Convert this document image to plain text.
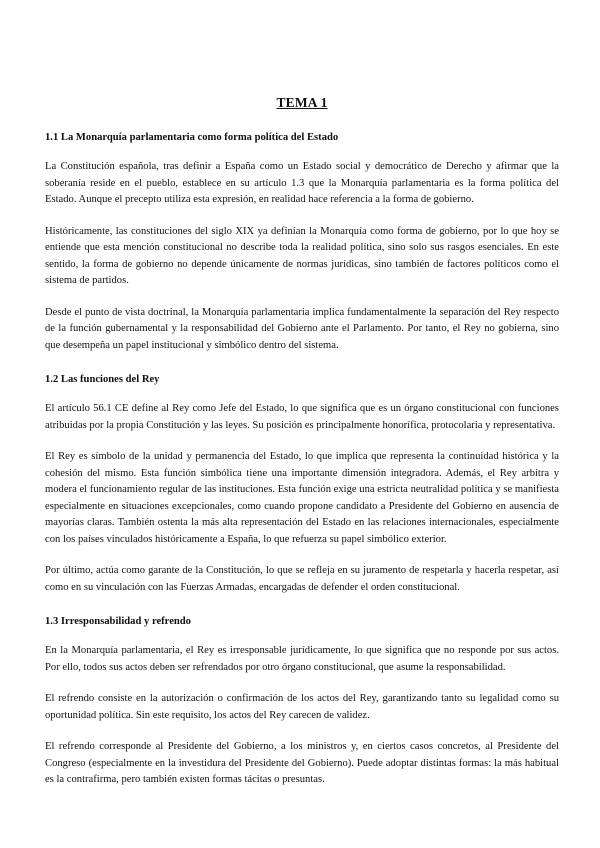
TEMA 1
1.1 La Monarquía parlamentaria como forma política del Estado

La Constitución española, tras definir a España como un Estado social y democrático de Derecho y afirmar que la soberanía reside en el pueblo, establece en su artículo 1.3 que la Monarquía parlamentaria es la forma política del Estado. Aunque el precepto utiliza esta expresión, en realidad hace referencia a la forma de gobierno.

Históricamente, las constituciones del siglo XIX ya definían la Monarquía como forma de gobierno, por lo que hoy se entiende que esta mención constitucional no describe toda la realidad política, sino solo sus rasgos esenciales. En este sentido, la forma de gobierno no depende únicamente de normas jurídicas, sino también de factores políticos como el sistema de partidos.

Desde el punto de vista doctrinal, la Monarquía parlamentaria implica fundamentalmente la separación del Rey respecto de la función gubernamental y la responsabilidad del Gobierno ante el Parlamento. Por tanto, el Rey no gobierna, sino que desempeña un papel institucional y simbólico dentro del sistema.

1.2 Las funciones del Rey

El artículo 56.1 CE define al Rey como Jefe del Estado, lo que significa que es un órgano constitucional con funciones atribuidas por la propia Constitución y las leyes. Su posición es principalmente honorífica, protocolaria y representativa.

El Rey es símbolo de la unidad y permanencia del Estado, lo que implica que representa la continuidad histórica y la cohesión del mismo. Esta función simbólica tiene una importante dimensión integradora. Además, el Rey arbitra y modera el funcionamiento regular de las instituciones. Esta función exige una estricta neutralidad política y se manifiesta especialmente en situaciones excepcionales, como cuando propone candidato a Presidente del Gobierno en ausencia de mayorías claras. También ostenta la más alta representación del Estado en las relaciones internacionales, especialmente con los países vinculados históricamente a España, lo que refuerza su papel simbólico exterior.

Por último, actúa como garante de la Constitución, lo que se refleja en su juramento de respetarla y hacerla respetar, así como en su vinculación con las Fuerzas Armadas, encargadas de defender el orden constitucional.

1.3 Irresponsabilidad y refrendo

En la Monarquía parlamentaria, el Rey es irresponsable jurídicamente, lo que significa que no responde por sus actos. Por ello, todos sus actos deben ser refrendados por otro órgano constitucional, que asume la responsabilidad.

El refrendo consiste en la autorización o confirmación de los actos del Rey, garantizando tanto su legalidad como su oportunidad política. Sin este requisito, los actos del Rey carecen de validez.

El refrendo corresponde al Presidente del Gobierno, a los ministros y, en ciertos casos concretos, al Presidente del Congreso (especialmente en la investidura del Presidente del Gobierno). Puede adoptar distintas formas: la más habitual es la contrafirma, pero también existen formas tácitas o presuntas.
